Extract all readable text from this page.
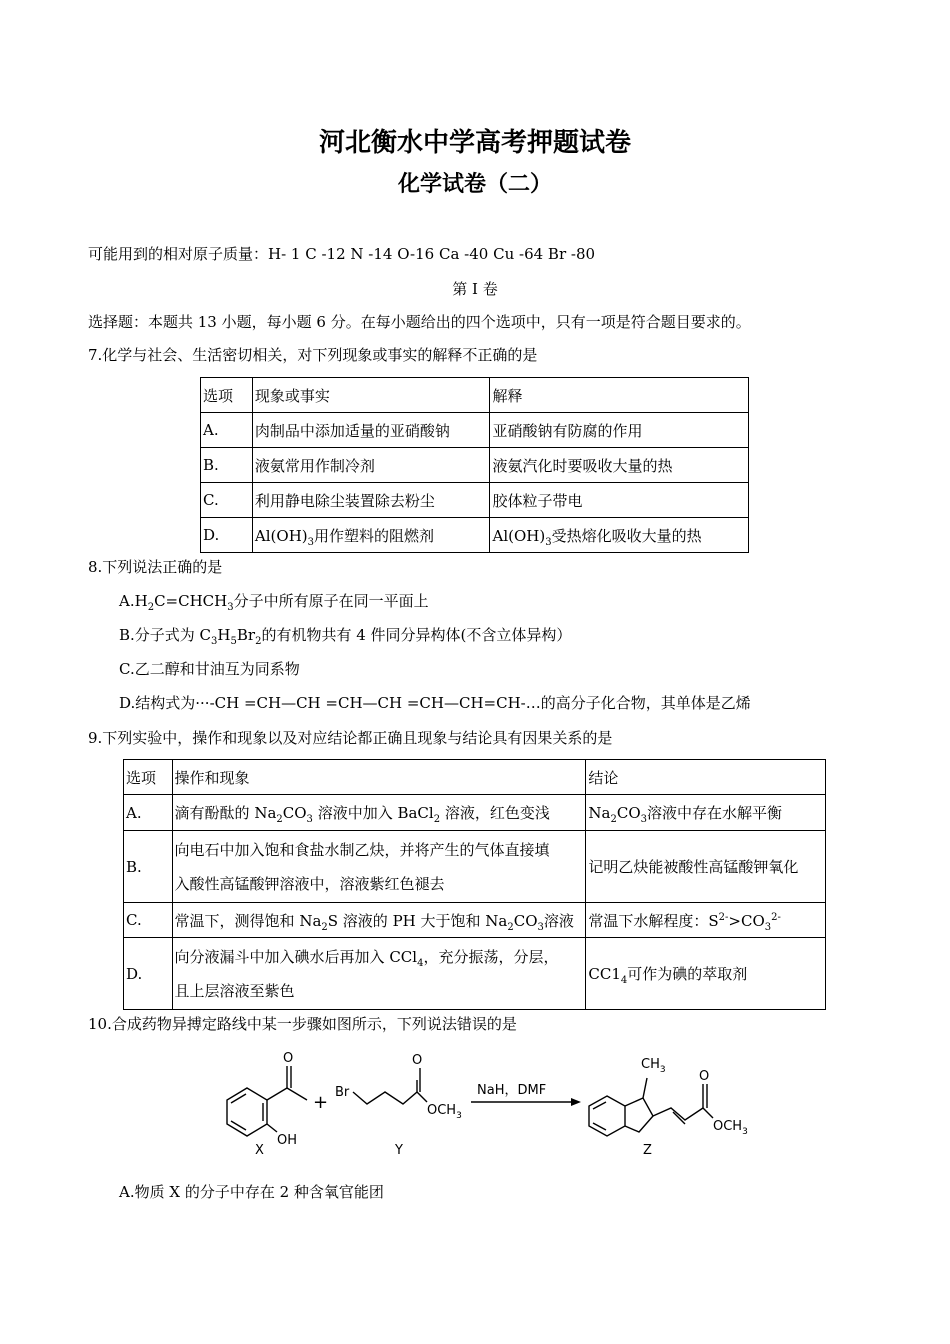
河北衡水中学高考押题试卷
化学试卷（二）
可能用到的相对原子质量：H- 1 C -12 N -14 O-16 Ca -40 Cu -64 Br -80
第 I 卷
选择题：本题共 13 小题，每小题 6 分。在每小题给出的四个选项中，只有一项是符合题目要求的。
7.化学与社会、生活密切相关，对下列现象或事实的解释不正确的是
选项	现象或事实	解释
A.	肉制品中添加适量的亚硝酸钠	亚硝酸钠有防腐的作用
B.	液氨常用作制冷剂	液氨汽化时要吸收大量的热
C.	利用静电除尘装置除去粉尘	胶体粒子带电
D.	$Al(OH)_3$用作塑料的阻燃剂	$Al(OH)_3$受热熔化吸收大量的热
8.下列说法正确的是
$A.H_2C=CHCH_3$分子中所有原子在同一平面上
B.分子式为 $C_3H_5Br_2$的有机物共有 4 件同分异构体(不含立体异构）
C.乙二醇和甘油互为同系物
D.结构式为···-CH =CH—CH =CH—CH =CH—CH=CH-…的高分子化合物，其单体是乙烯
9.下列实验中，操作和现象以及对应结论都正确且现象与结论具有因果关系的是
选项	操作和现象	结论
A.	滴有酚酞的 $Na_2CO_3$ 溶液中加入 BaCl$_2$ 溶液，红色变浅	$Na_2CO_3$溶液中存在水解平衡
B.	向电石中加入饱和食盐水制乙炔，并将产生的气体直接填
入酸性高锰酸钾溶液中，溶液紫红色褪去	记明乙炔能被酸性高锰酸钾氧化
C.	常温下，测得饱和 $Na_2S$ 溶液的 PH 大于饱和 $Na_2CO_3$溶液	常温下水解程度：$S^{2-}>CO_3^{2-}$
D.	向分液漏斗中加入碘水后再加入 CCl$_4$，充分振荡，分层，
且上层溶液至紫色	$CC1_4$可作为碘的萃取剂
10.合成药物异搏定路线中某一步骤如图所示，下列说法错误的是
O
OH
X
+ Br
O
$OCH_3$
Y
NaH，DMF
$CH_3$	O
$OCH_3$
Z
A.物质 X 的分子中存在 2 种含氧官能团
